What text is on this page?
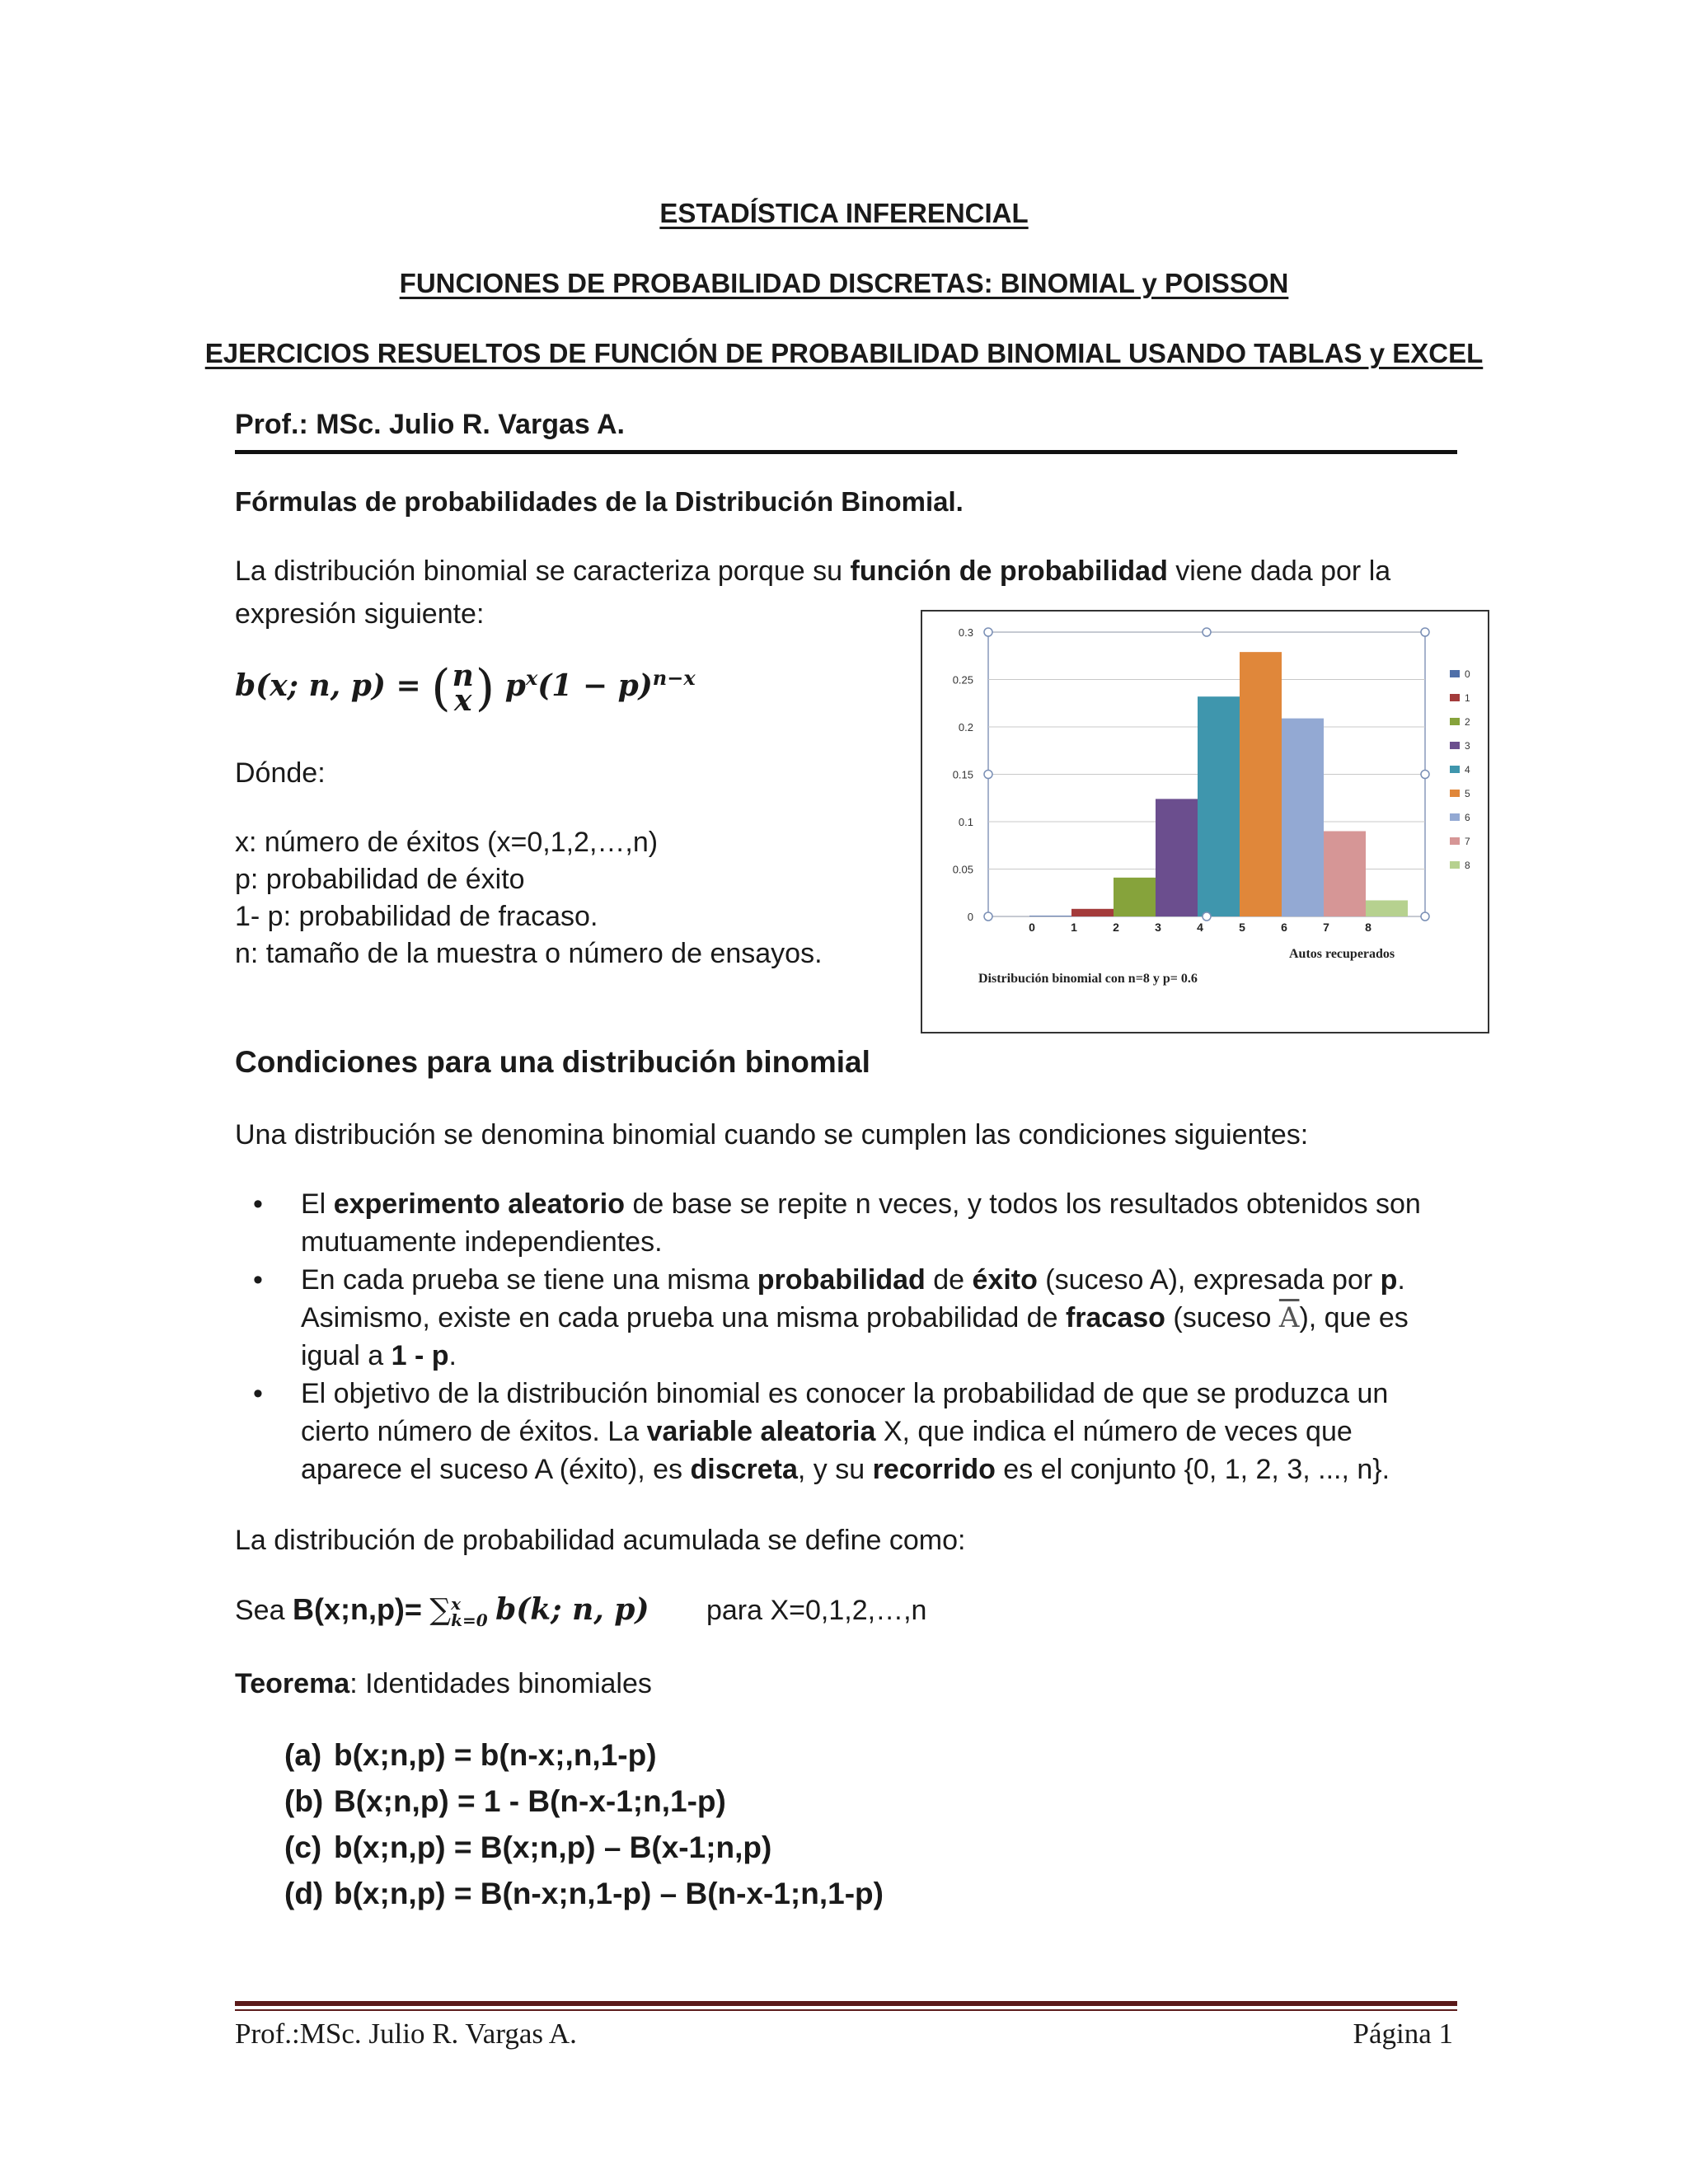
ESTADÍSTICA INFERENCIAL
FUNCIONES DE PROBABILIDAD DISCRETAS: BINOMIAL y POISSON
EJERCICIOS RESUELTOS DE FUNCIÓN DE PROBABILIDAD BINOMIAL USANDO TABLAS y EXCEL
Prof.: MSc. Julio R. Vargas A.
Fórmulas de probabilidades de la Distribución Binomial.
La distribución binomial se caracteriza porque su función de probabilidad viene dada por la
expresión siguiente:
b(x; n, p) = ( n
x ) $p^x(1 - p)^{n-x}$
Dónde:
x: número de éxitos (x=0,1,2,…,n)
p: probabilidad de éxito
1- p: probabilidad de fracaso.
n: tamaño de la muestra o número de ensayos.
0.3
0.25
0.2
0.15
0.1
0.05
0
0	1	2	3	4	5	6	7	8
0
1
2
3
4
5
6
7
8
Autos recuperados
Distribución binomial con n=8 y p= 0.6
Condiciones para una distribución binomial
Una distribución se denomina binomial cuando se cumplen las condiciones siguientes:
• El experimento aleatorio de base se repite n veces, y todos los resultados obtenidos son mutuamente independientes.
• En cada prueba se tiene una misma probabilidad de éxito (suceso A), expresada por p. Asimismo, existe en cada prueba una misma probabilidad de fracaso (suceso $\overline{A}$), que es igual a 1 - p.
• El objetivo de la distribución binomial es conocer la probabilidad de que se produzca un cierto número de éxitos. La variable aleatoria X, que indica el número de veces que aparece el suceso A (éxito), es discreta, y su recorrido es el conjunto {0, 1, 2, 3, ..., n}.
La distribución de probabilidad acumulada se define como:
Sea B(x;n,p)= ∑ x
k=0 b(k; n, p) para X=0,1,2,…,n
Teorema: Identidades binomiales
(a) b(x;n,p) = b(n-x;,n,1-p)
(b) B(x;n,p) = 1 - B(n-x-1;n,1-p)
(c) b(x;n,p) = B(x;n,p) – B(x-1;n,p)
(d) b(x;n,p) = B(n-x;n,1-p) – B(n-x-1;n,1-p)
Prof.:MSc. Julio R. Vargas A.	Página 1
